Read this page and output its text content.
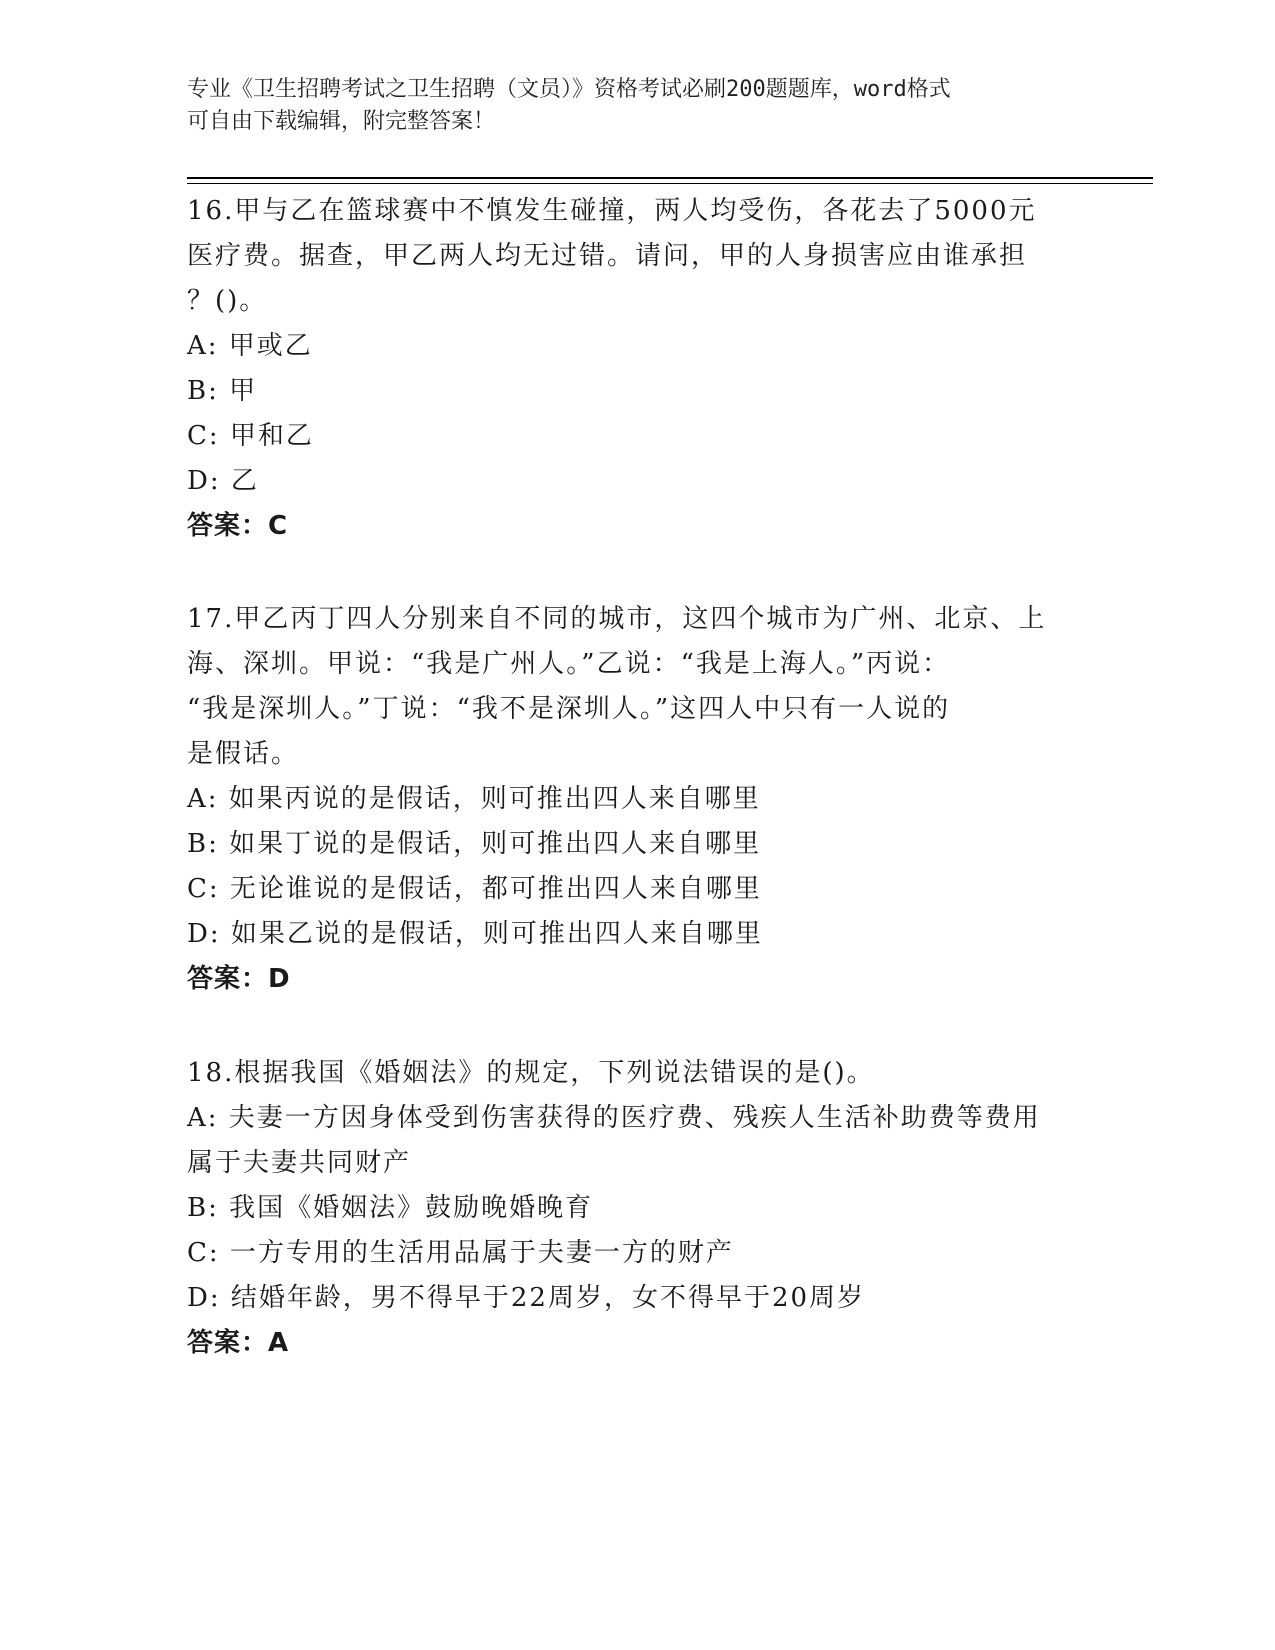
专业《卫生招聘考试之卫生招聘（文员）》资格考试必刷200题题库，word格式
可自由下载编辑，附完整答案！

16.甲与乙在篮球赛中不慎发生碰撞，两人均受伤，各花去了5000元

医疗费。据查，甲乙两人均无过错。请问，甲的人身损害应由谁承担

？()。

A: 甲或乙

B: 甲

C: 甲和乙

D: 乙

答案：C

17.甲乙丙丁四人分别来自不同的城市，这四个城市为广州、北京、上

海、深圳。甲说：“我是广州人。”乙说：“我是上海人。”丙说：

“我是深圳人。”丁说：“我不是深圳人。”这四人中只有一人说的

是假话。

A: 如果丙说的是假话，则可推出四人来自哪里

B: 如果丁说的是假话，则可推出四人来自哪里

C: 无论谁说的是假话，都可推出四人来自哪里

D: 如果乙说的是假话，则可推出四人来自哪里

答案：D

18.根据我国《婚姻法》的规定，下列说法错误的是()。

A: 夫妻一方因身体受到伤害获得的医疗费、残疾人生活补助费等费用

属于夫妻共同财产

B: 我国《婚姻法》鼓励晚婚晚育

C: 一方专用的生活用品属于夫妻一方的财产

D: 结婚年龄，男不得早于22周岁，女不得早于20周岁

答案：A
